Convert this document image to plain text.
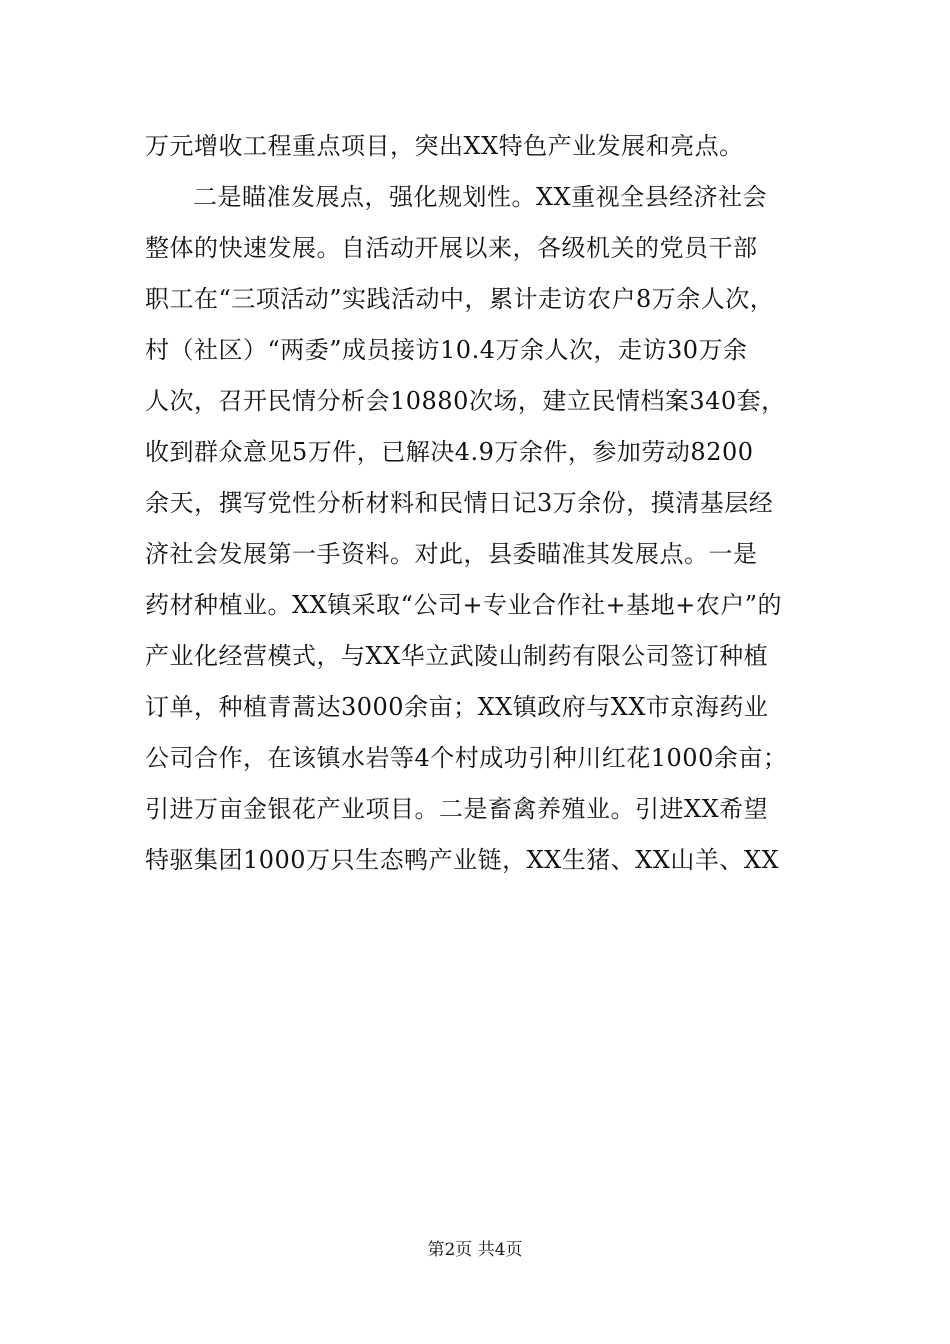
万元增收工程重点项目，突出XX特色产业发展和亮点。
二是瞄准发展点，强化规划性。XX重视全县经济社会
整体的快速发展。自活动开展以来，各级机关的党员干部
职工在“三项活动”实践活动中，累计走访农户8万余人次，
村（社区）“两委”成员接访10.4万余人次，走访30万余
人次，召开民情分析会10880次场，建立民情档案340套，
收到群众意见5万件，已解决4.9万余件，参加劳动8200
余天，撰写党性分析材料和民情日记3万余份，摸清基层经
济社会发展第一手资料。对此，县委瞄准其发展点。一是
药材种植业。XX镇采取“公司+专业合作社+基地+农户”的
产业化经营模式，与XX华立武陵山制药有限公司签订种植
订单，种植青蒿达3000余亩；XX镇政府与XX市京海药业
公司合作，在该镇水岩等4个村成功引种川红花1000余亩；
引进万亩金银花产业项目。二是畜禽养殖业。引进XX希望
特驱集团1000万只生态鸭产业链，XX生猪、XX山羊、XX
第2页 共4页
